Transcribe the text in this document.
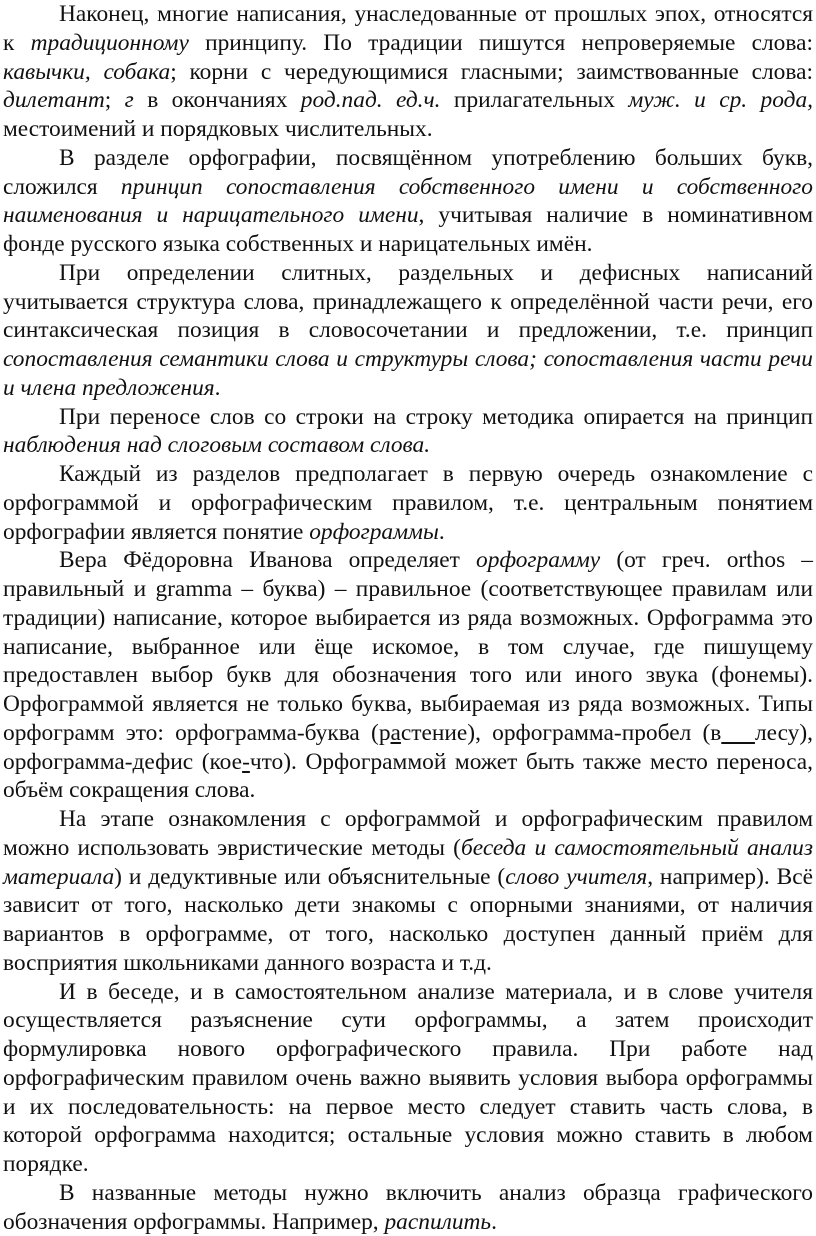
Наконец, многие написания, унаследованные от прошлых эпох, относятся к традиционному принципу. По традиции пишутся непроверяемые слова: кавычки, собака; корни с чередующимися гласными; заимствованные слова: дилетант; г в окончаниях род.пад. ед.ч. прилагательных муж. и ср. рода, местоимений и порядковых числительных.

В разделе орфографии, посвящённом употреблению больших букв, сложился принцип сопоставления собственного имени и собственного наименования и нарицательного имени, учитывая наличие в номинативном фонде русского языка собственных и нарицательных имён.

При определении слитных, раздельных и дефисных написаний учитывается структура слова, принадлежащего к определённой части речи, его синтаксическая позиция в словосочетании и предложении, т.е. принцип сопоставления семантики слова и структуры слова; сопоставления части речи и члена предложения.

При переносе слов со строки на строку методика опирается на принцип наблюдения над слоговым составом слова.

Каждый из разделов предполагает в первую очередь ознакомление с орфограммой и орфографическим правилом, т.е. центральным понятием орфографии является понятие орфограммы.

Вера Фёдоровна Иванова определяет орфограмму (от греч. orthos – правильный и gramma – буква) – правильное (соответствующее правилам или традиции) написание, которое выбирается из ряда возможных. Орфограмма это написание, выбранное или ёще искомое, в том случае, где пишущему предоставлен выбор букв для обозначения того или иного звука (фонемы). Орфограммой является не только буква, выбираемая из ряда возможных. Типы орфограмм это: орфограмма-буква (растение), орфограмма-пробел (в лесу), орфограмма-дефис (кое-что). Орфограммой может быть также место переноса, объём сокращения слова.

На этапе ознакомления с орфограммой и орфографическим правилом можно использовать эвристические методы (беседа и самостоятельный анализ материала) и дедуктивные или объяснительные (слово учителя, например). Всё зависит от того, насколько дети знакомы с опорными знаниями, от наличия вариантов в орфограмме, от того, насколько доступен данный приём для восприятия школьниками данного возраста и т.д.

И в беседе, и в самостоятельном анализе материала, и в слове учителя осуществляется разъяснение сути орфограммы, а затем происходит формулировка нового орфографического правила. При работе над орфографическим правилом очень важно выявить условия выбора орфограммы и их последовательность: на первое место следует ставить часть слова, в которой орфограмма находится; остальные условия можно ставить в любом порядке.

В названные методы нужно включить анализ образца графического обозначения орфограммы. Например, распилить.
